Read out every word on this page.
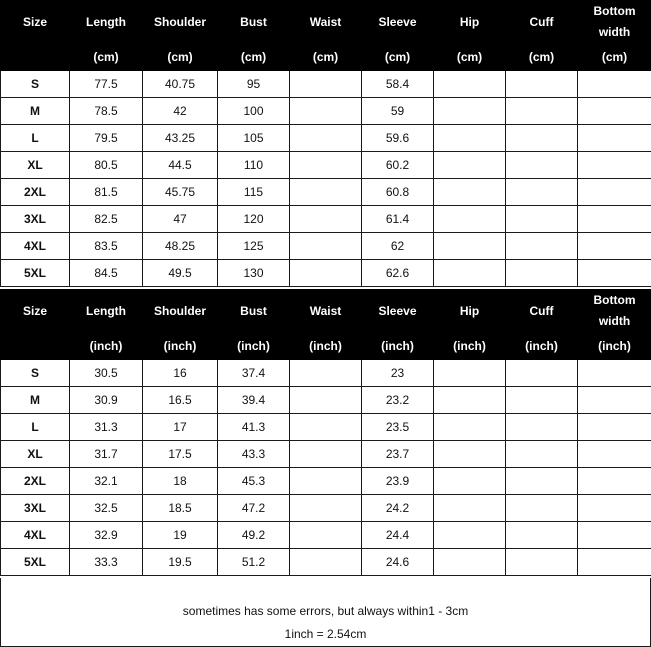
Size	Length	Shoulder	Bust	Waist	Sleeve	Hip	Cuff	Bottom width
	(cm)	(cm)	(cm)	(cm)	(cm)	(cm)	(cm)	(cm)
S	77.5	40.75	95		58.4			
M	78.5	42	100		59			
L	79.5	43.25	105		59.6			
XL	80.5	44.5	110		60.2			
2XL	81.5	45.75	115		60.8			
3XL	82.5	47	120		61.4			
4XL	83.5	48.25	125		62			
5XL	84.5	49.5	130		62.6			
Size	Length	Shoulder	Bust	Waist	Sleeve	Hip	Cuff	Bottom width
	(inch)	(inch)	(inch)	(inch)	(inch)	(inch)	(inch)	(inch)
S	30.5	16	37.4		23			
M	30.9	16.5	39.4		23.2			
L	31.3	17	41.3		23.5			
XL	31.7	17.5	43.3		23.7			
2XL	32.1	18	45.3		23.9			
3XL	32.5	18.5	47.2		24.2			
4XL	32.9	19	49.2		24.4			
5XL	33.3	19.5	51.2		24.6			
sometimes has some errors, but always within1 - 3cm
1inch = 2.54cm
